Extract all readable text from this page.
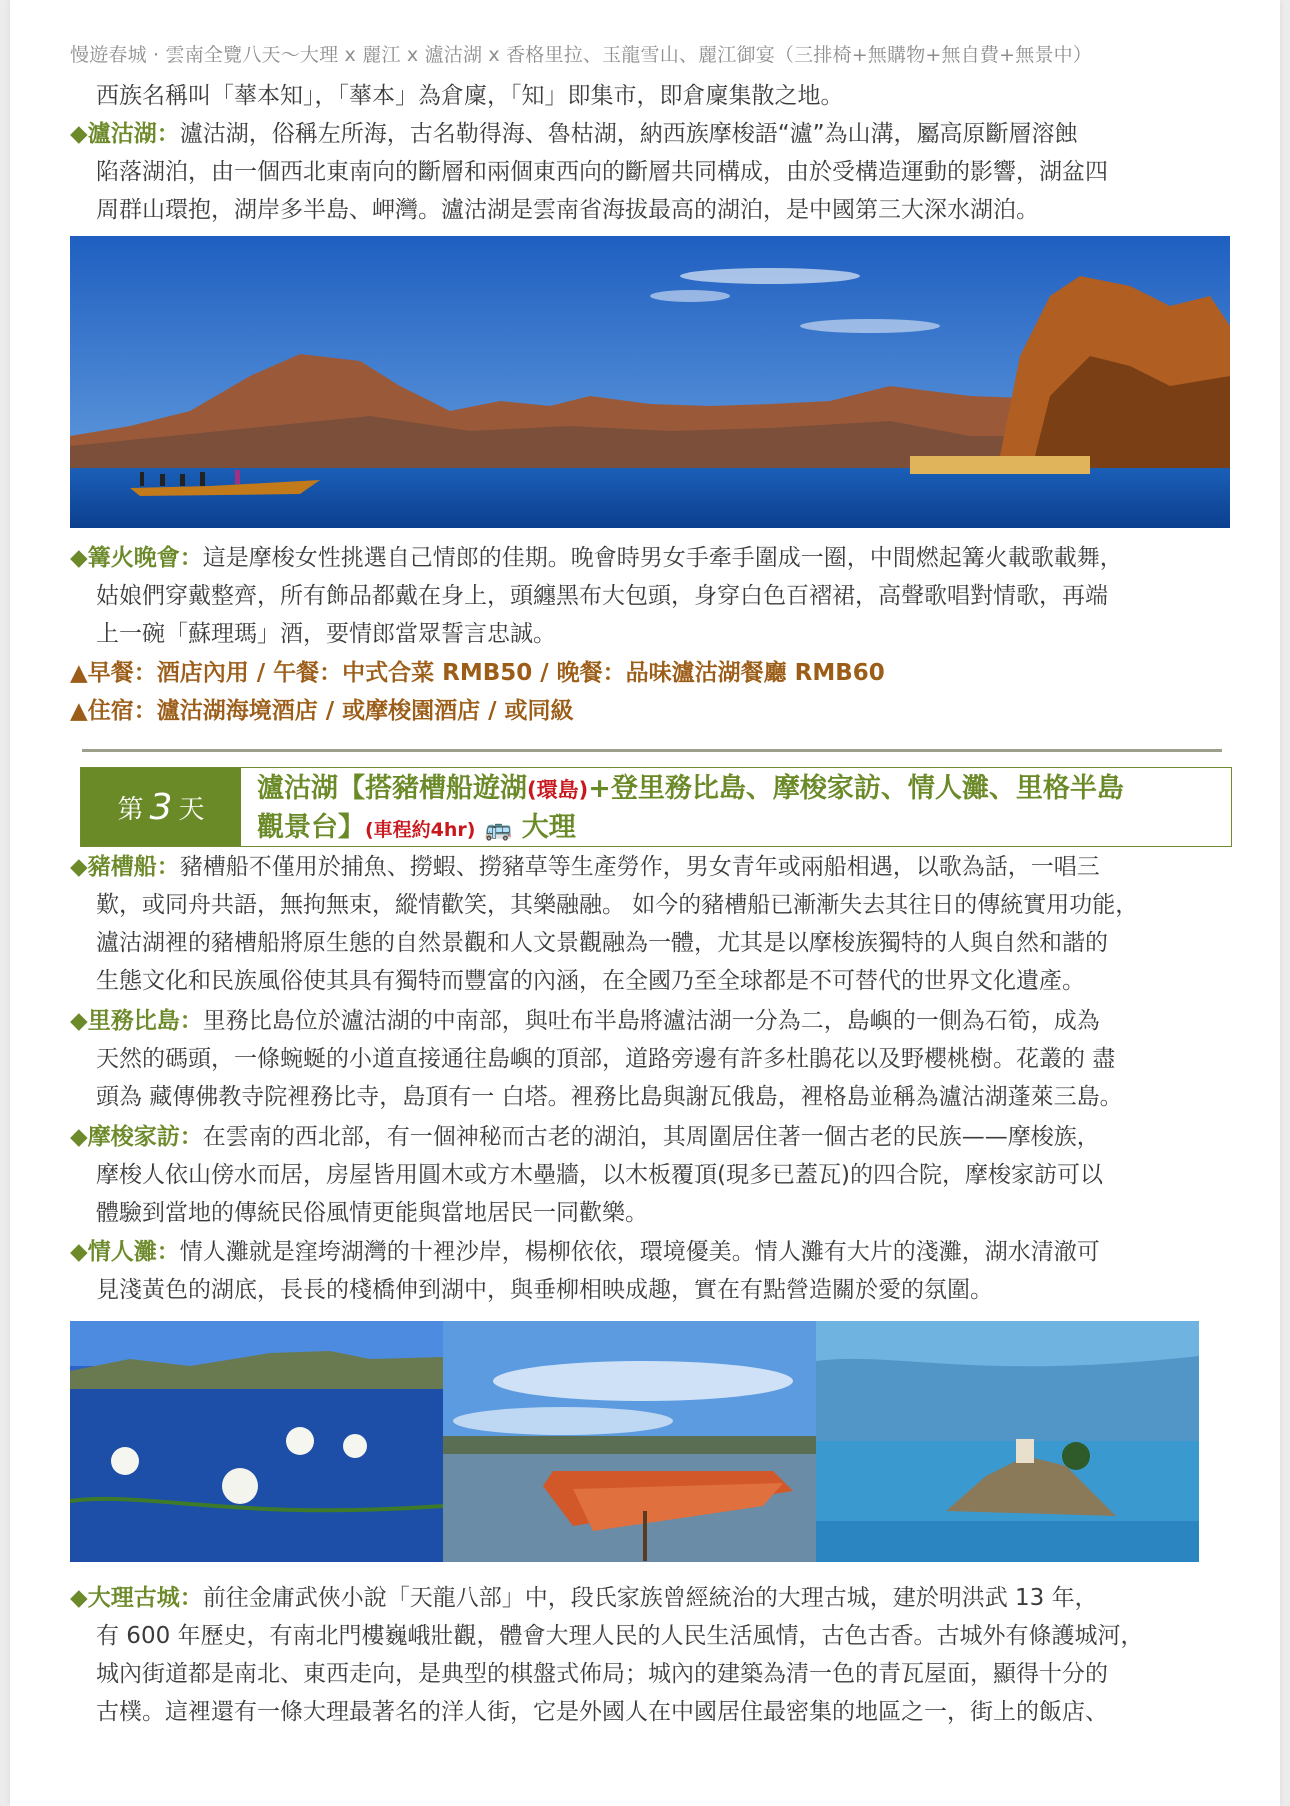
慢遊春城 · 雲南全覽八天～大理 x 麗江 x 瀘沽湖 x 香格里拉、玉龍雪山、麗江御宴（三排椅+無購物+無自費+無景中）
西族名稱叫「蕐本知」，「蕐本」為倉廩，「知」即集市，即倉廩集散之地。
◆瀘沽湖：瀘沽湖，俗稱左所海，古名勒得海、魯枯湖，納西族摩梭語“瀘”為山溝，屬高原斷層溶蝕
陷落湖泊，由一個西北東南向的斷層和兩個東西向的斷層共同構成，由於受構造運動的影響，湖盆四
周群山環抱，湖岸多半島、岬灣。瀘沽湖是雲南省海拔最高的湖泊，是中國第三大深水湖泊。
◆篝火晚會：這是摩梭女性挑選自己情郎的佳期。晚會時男女手牽手圍成一圈，中間燃起篝火載歌載舞，
姑娘們穿戴整齊，所有飾品都戴在身上，頭纏黑布大包頭，身穿白色百褶裙，高聲歌唱對情歌，再端
上一碗「蘇理瑪」酒，要情郎當眾誓言忠誠。
▲早餐：酒店內用 / 午餐：中式合菜 RMB50 / 晚餐：品味瀘沽湖餐廳 RMB60
▲住宿：瀘沽湖海境酒店 / 或摩梭園酒店 / 或同級
第 3 天
瀘沽湖【搭豬槽船遊湖(環島)+登里務比島、摩梭家訪、情人灘、里格半島
觀景台】(車程約4hr) 🚌 大理
◆豬槽船：豬槽船不僅用於捕魚、撈蝦、撈豬草等生產勞作，男女青年或兩船相遇，以歌為話，一唱三
歎，或同舟共語，無拘無束，縱情歡笑，其樂融融。 如今的豬槽船已漸漸失去其往日的傳統實用功能，
瀘沽湖裡的豬槽船將原生態的自然景觀和人文景觀融為一體，尤其是以摩梭族獨特的人與自然和諧的
生態文化和民族風俗使其具有獨特而豐富的內涵，在全國乃至全球都是不可替代的世界文化遺產。
◆里務比島：里務比島位於瀘沽湖的中南部，與吐布半島將瀘沽湖一分為二，島嶼的一側為石筍，成為
天然的碼頭，一條蜿蜒的小道直接通往島嶼的頂部，道路旁邊有許多杜鵑花以及野櫻桃樹。花叢的 盡
頭為 藏傳佛教寺院裡務比寺，島頂有一 白塔。裡務比島與謝瓦俄島，裡格島並稱為瀘沽湖蓬萊三島。
◆摩梭家訪：在雲南的西北部，有一個神秘而古老的湖泊，其周圍居住著一個古老的民族——摩梭族，
摩梭人依山傍水而居，房屋皆用圓木或方木壘牆，以木板覆頂(現多已蓋瓦)的四合院，摩梭家訪可以
體驗到當地的傳統民俗風情更能與當地居民一同歡樂。
◆情人灘：情人灘就是窪垮湖灣的十裡沙岸，楊柳依依，環境優美。情人灘有大片的淺灘，湖水清澈可
見淺黃色的湖底，長長的棧橋伸到湖中，與垂柳相映成趣，實在有點營造關於愛的氛圍。
◆大理古城：前往金庸武俠小說「天龍八部」中，段氏家族曾經統治的大理古城，建於明洪武 13 年，
有 600 年歷史，有南北門樓巍峨壯觀，體會大理人民的人民生活風情，古色古香。古城外有條護城河，
城內街道都是南北、東西走向，是典型的棋盤式佈局；城內的建築為清一色的青瓦屋面，顯得十分的
古樸。這裡還有一條大理最著名的洋人街，它是外國人在中國居住最密集的地區之一，街上的飯店、
